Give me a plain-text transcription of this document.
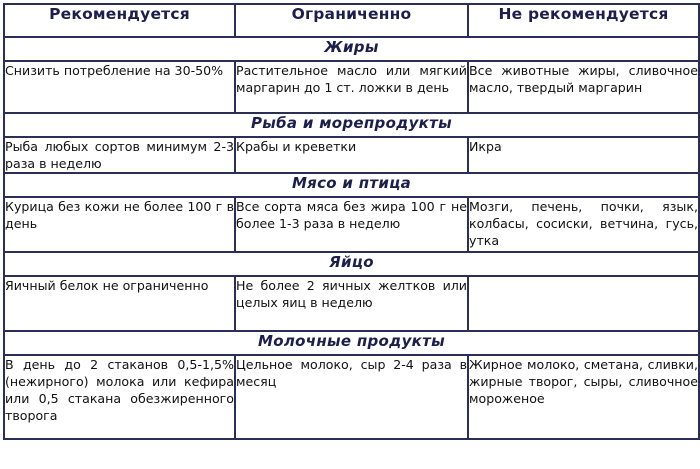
Рекомендуется	Ограниченно	Не рекомендуется
Жиры		
Снизить потребление на 30-50%	Растительное масло или мягкий маргарин до 1 ст. ложки в день	Все животные жиры, сливочное масло, твердый маргарин
Рыба и морепродукты		
Рыба любых сортов минимум 2-3 раза в неделю	Крабы и креветки	Икра
Мясо и птица		
Курица без кожи не более 100 г в день	Все сорта мяса без жира 100 г не более 1-3 раза в неделю	Мозги, печень, почки, язык, колбасы, сосиски, ветчина, гусь, утка
Яйцо		
Яичный белок не ограниченно	Не более 2 яичных желтков или целых яиц в неделю	
Молочные продукты		
В день до 2 стаканов 0,5-1,5% (нежирного) молока или кефира или 0,5 стакана обезжиренного творога	Цельное молоко, сыр 2-4 раза в месяц	Жирное молоко, сметана, сливки, жирные творог, сыры, сливочное мороженое
